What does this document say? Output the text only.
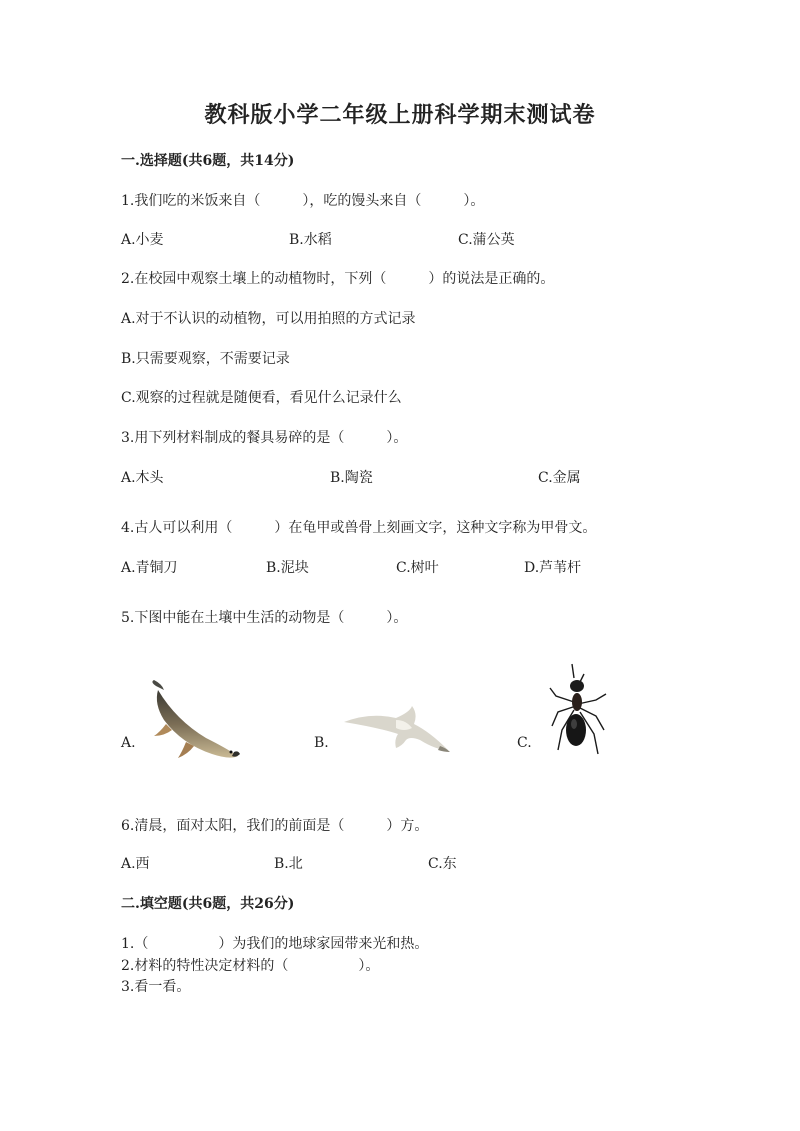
教科版小学二年级上册科学期末测试卷
一.选择题(共6题，共14分)
1.我们吃的米饭来自（　　　），吃的馒头来自（　　　）。
A.小麦	B.水稻	C.蒲公英
2.在校园中观察土壤上的动植物时，下列（　　　）的说法是正确的。
A.对于不认识的动植物，可以用拍照的方式记录
B.只需要观察，不需要记录
C.观察的过程就是随便看，看见什么记录什么
3.用下列材料制成的餐具易碎的是（　　　）。
A.木头	B.陶瓷	C.金属
4.古人可以利用（　　　）在龟甲或兽骨上刻画文字，这种文字称为甲骨文。
A.青铜刀	B.泥块	C.树叶	D.芦苇杆
5.下图中能在土壤中生活的动物是（　　　）。
A.	B.	C.
6.清晨，面对太阳，我们的前面是（　　　）方。
A.西	B.北	C.东
二.填空题(共6题，共26分)
1.（　　　　　）为我们的地球家园带来光和热。
2.材料的特性决定材料的（　　　　　）。
3.看一看。
